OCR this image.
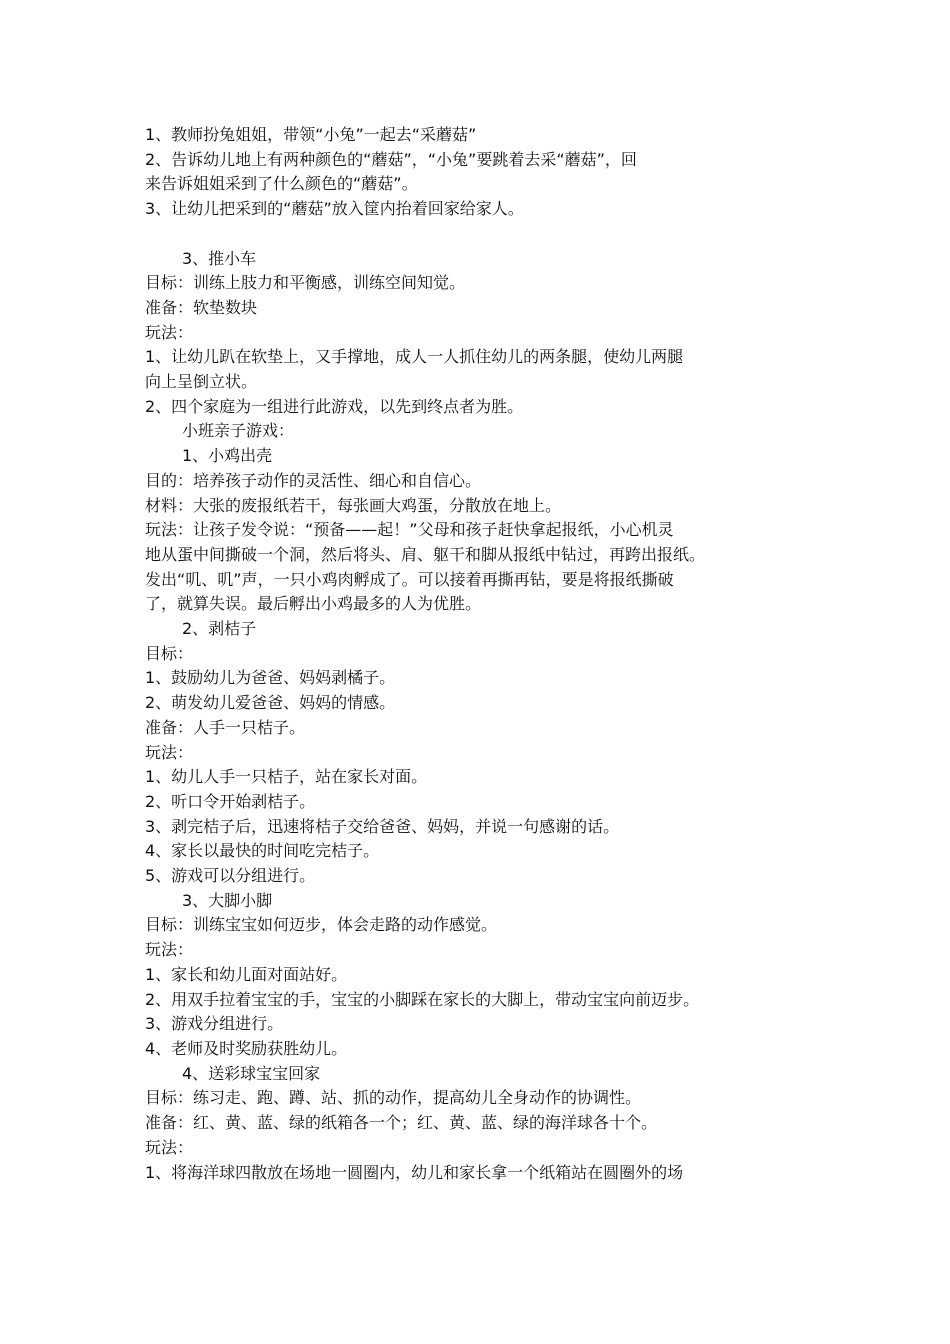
1、教师扮兔姐姐，带领“小兔”一起去“采蘑菇”

2、告诉幼儿地上有两种颜色的“蘑菇”，“小兔”要跳着去采“蘑菇”，回

来告诉姐姐采到了什么颜色的“蘑菇”。

3、让幼儿把采到的“蘑菇”放入筐内抬着回家给家人。

3、推小车

目标：训练上肢力和平衡感，训练空间知觉。

准备：软垫数块

玩法：

1、让幼儿趴在软垫上，又手撑地，成人一人抓住幼儿的两条腿，使幼儿两腿

向上呈倒立状。

2、四个家庭为一组进行此游戏，以先到终点者为胜。

小班亲子游戏：

1、小鸡出壳

目的：培养孩子动作的灵活性、细心和自信心。

材料：大张的废报纸若干，每张画大鸡蛋，分散放在地上。

玩法：让孩子发令说：“预备——起！”父母和孩子赶快拿起报纸，小心机灵

地从蛋中间撕破一个洞，然后将头、肩、躯干和脚从报纸中钻过，再跨出报纸。

发出“叽、叽”声，一只小鸡肉孵成了。可以接着再撕再钻，要是将报纸撕破

了，就算失误。最后孵出小鸡最多的人为优胜。

2、剥桔子

目标：

1、鼓励幼儿为爸爸、妈妈剥橘子。

2、萌发幼儿爱爸爸、妈妈的情感。

准备：人手一只桔子。

玩法：

1、幼儿人手一只桔子，站在家长对面。

2、听口令开始剥桔子。

3、剥完桔子后，迅速将桔子交给爸爸、妈妈，并说一句感谢的话。

4、家长以最快的时间吃完桔子。

5、游戏可以分组进行。

3、大脚小脚

目标：训练宝宝如何迈步，体会走路的动作感觉。

玩法：

1、家长和幼儿面对面站好。

2、用双手拉着宝宝的手，宝宝的小脚踩在家长的大脚上，带动宝宝向前迈步。

3、游戏分组进行。

4、老师及时奖励获胜幼儿。

4、送彩球宝宝回家

目标：练习走、跑、蹲、站、抓的动作，提高幼儿全身动作的协调性。

准备：红、黄、蓝、绿的纸箱各一个；红、黄、蓝、绿的海洋球各十个。

玩法：

1、将海洋球四散放在场地一圆圈内，幼儿和家长拿一个纸箱站在圆圈外的场
